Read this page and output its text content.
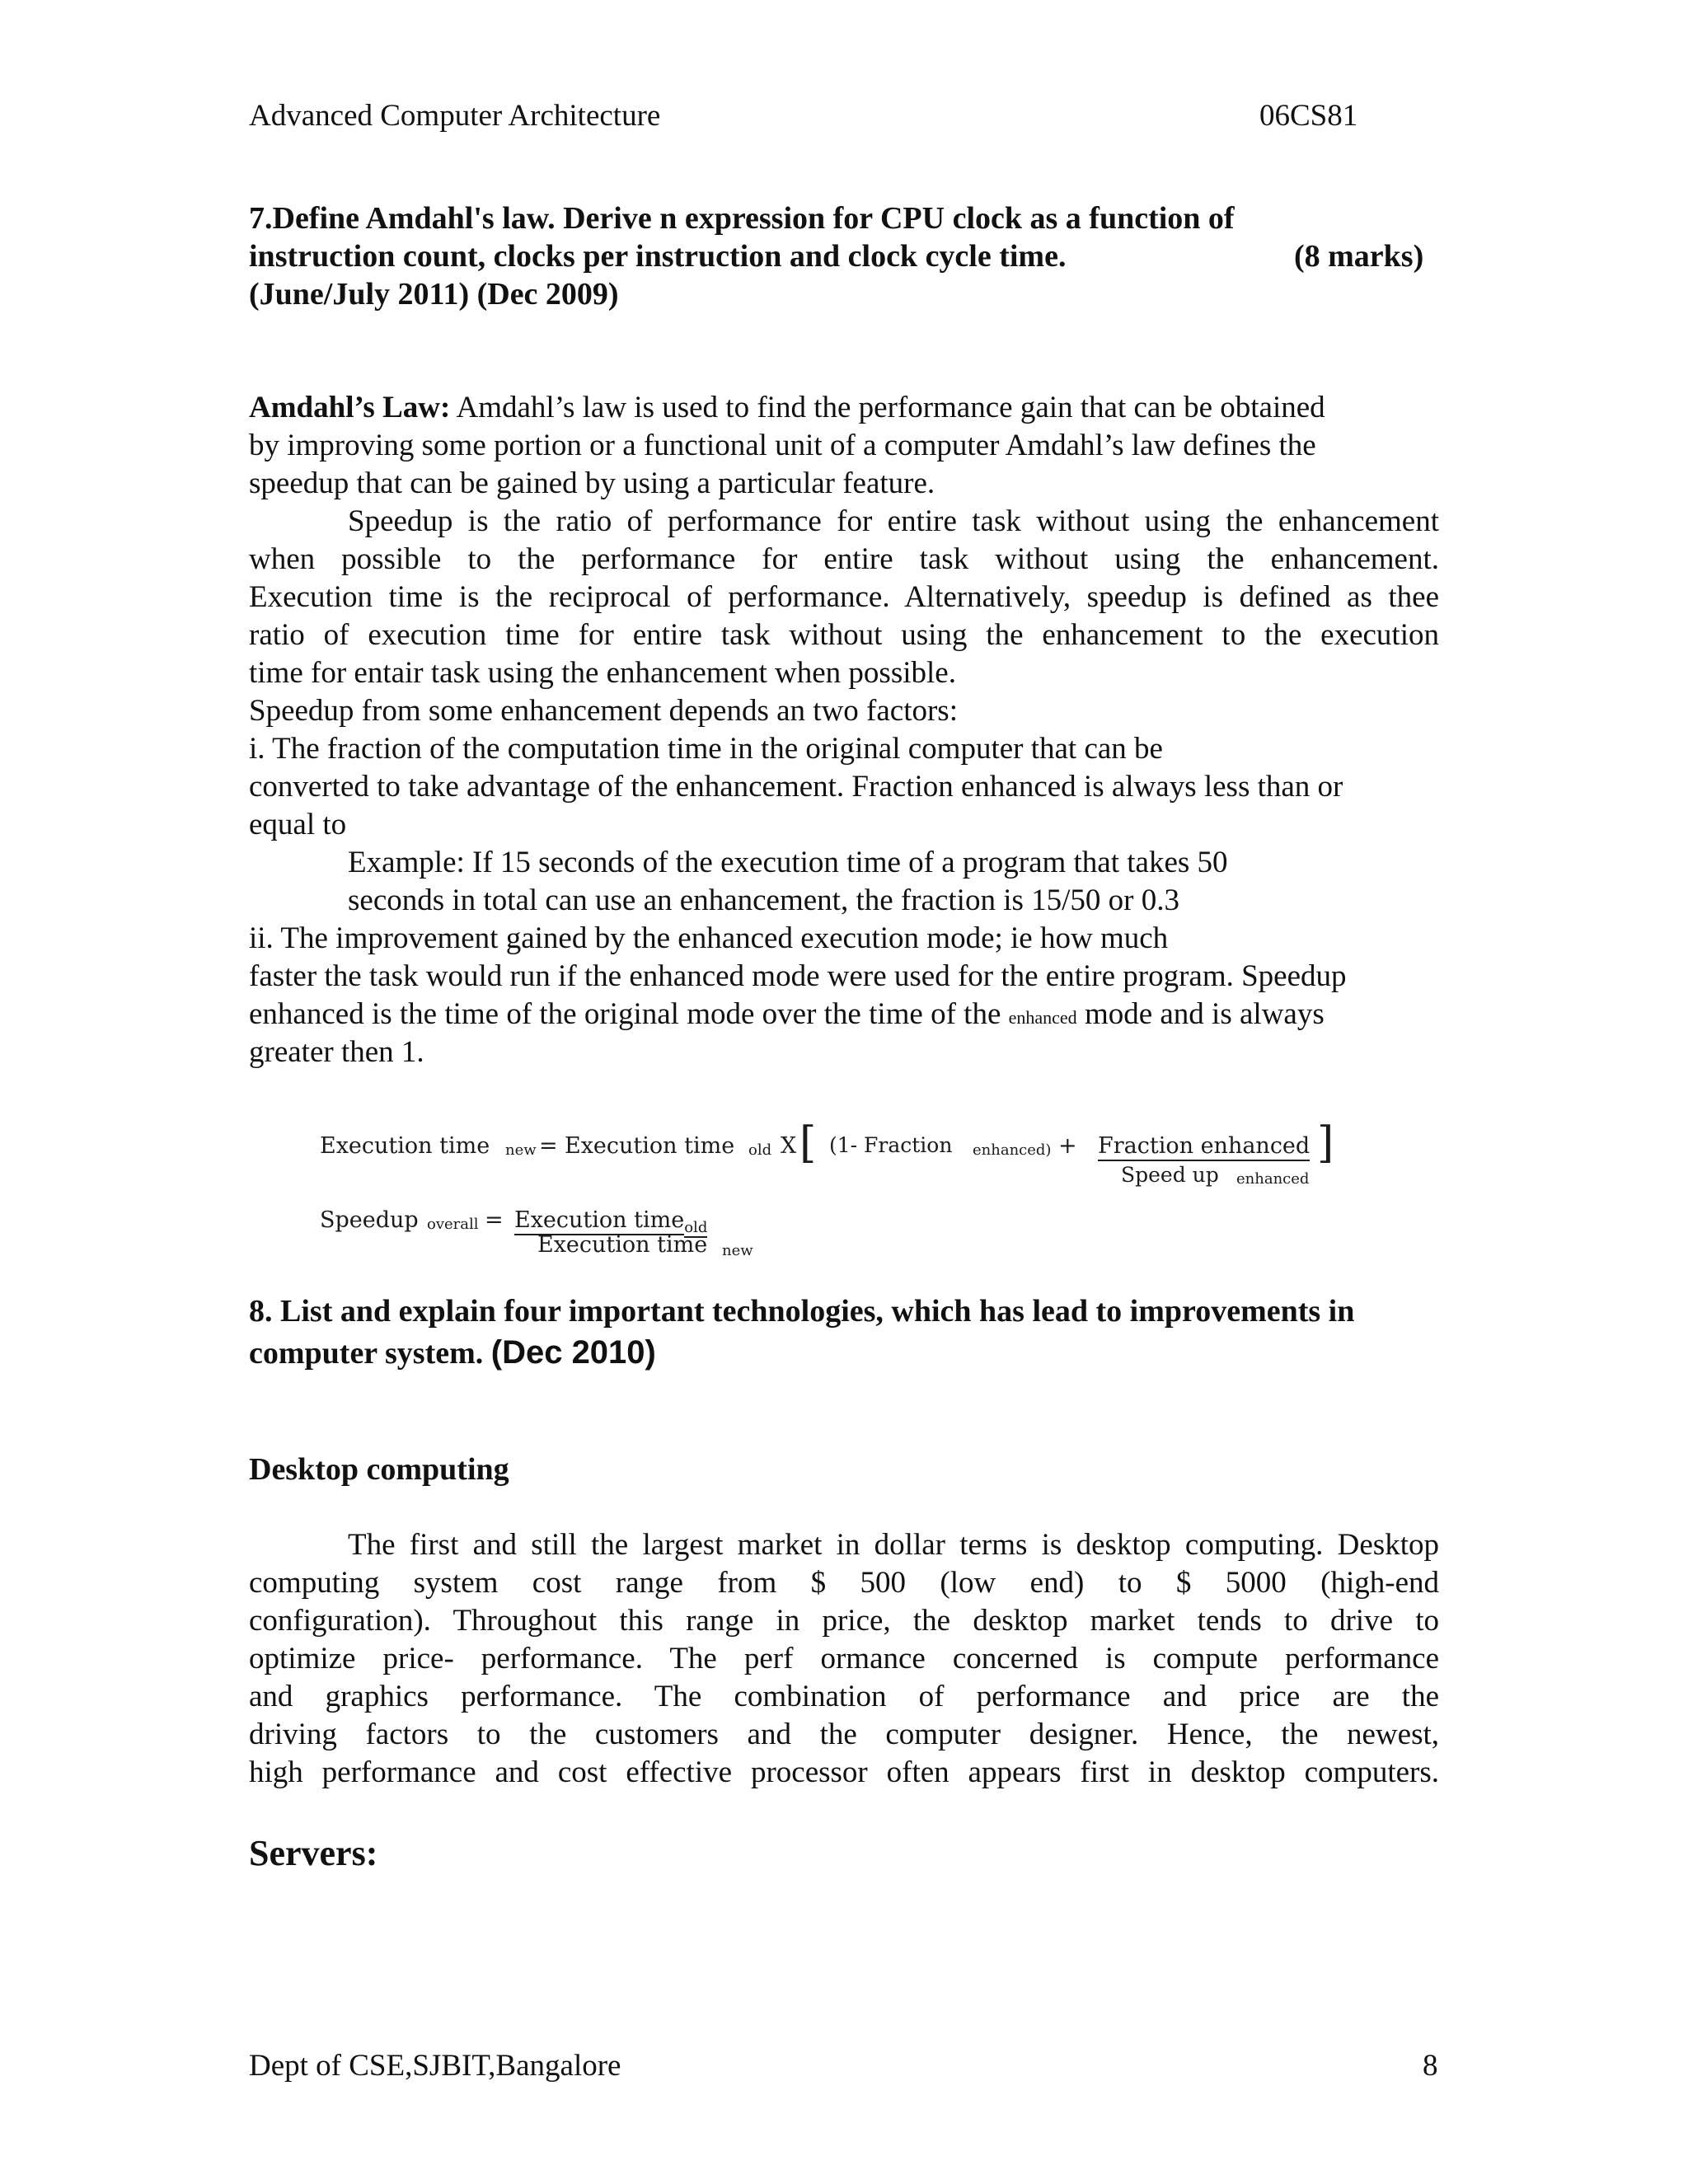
Advanced Computer Architecture	06CS81
7.Define Amdahl's law. Derive n expression for CPU clock as a function of
instruction count, clocks per instruction and clock cycle time.	(8 marks)
(June/July 2011) (Dec 2009)
Amdahl’s Law: Amdahl’s law is used to find the performance gain that can be obtained
by improving some portion or a functional unit of a computer Amdahl’s law defines the
speedup that can be gained by using a particular feature.
Speedup is the ratio of performance for entire task without using the enhancement
when possible to the performance for entire task without using the enhancement.
Execution time is the reciprocal of performance. Alternatively, speedup is defined as thee
ratio of execution time for entire task without using the enhancement to the execution
time for entair task using the enhancement when possible.
Speedup from some enhancement depends an two factors:
i. The fraction of the computation time in the original computer that can be
converted to take advantage of the enhancement. Fraction enhanced is always less than or
equal to
Example: If 15 seconds of the execution time of a program that takes 50
seconds in total can use an enhancement, the fraction is 15/50 or 0.3
ii. The improvement gained by the enhanced execution mode; ie how much
faster the task would run if the enhanced mode were used for the entire program. Speedup
enhanced is the time of the original mode over the time of the enhanced mode and is always
greater then 1.
Execution time new = Execution time old X [ (1- Fraction enhanced) + Fraction enhanced ]
Speed up enhanced
Speedup overall = Execution time$_{old}$
Execution time new
8. List and explain four important technologies, which has lead to improvements in
computer system. (Dec 2010)
Desktop computing
The first and still the largest market in dollar terms is desktop computing. Desktop
computing system cost range from $ 500 (low end) to $ 5000 (high-end
configuration). Throughout this range in price, the desktop market tends to drive to
optimize price- performance. The perf ormance concerned is compute performance
and graphics performance. The combination of performance and price are the
driving factors to the customers and the computer designer. Hence, the newest,
high performance and cost effective processor often appears first in desktop computers.
Servers:
Dept of CSE,SJBIT,Bangalore	8
